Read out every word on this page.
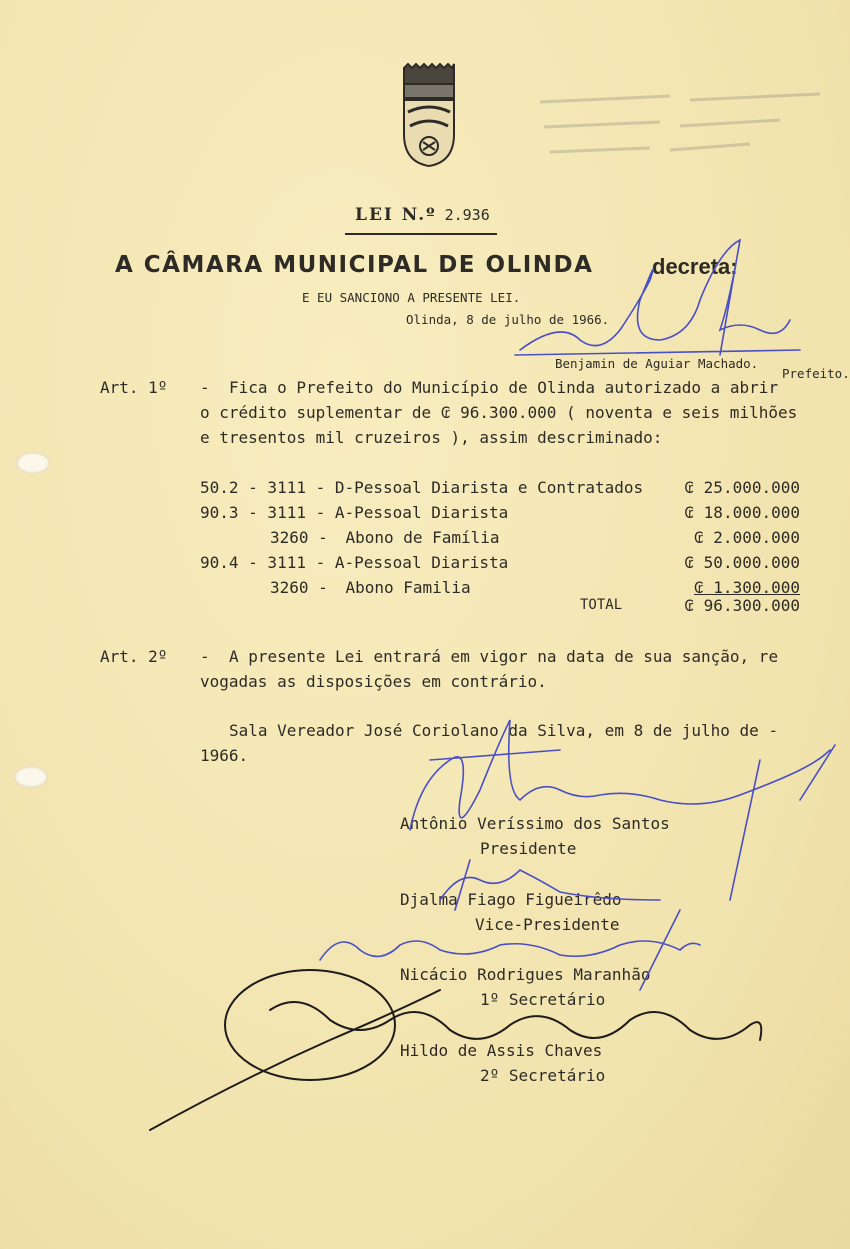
LEI N.º 2.936
A CÂMARA MUNICIPAL DE OLINDA	decreta:
E EU SANCIONO A PRESENTE LEI.
Olinda, 8 de julho de 1966.
Benjamin de Aguiar Machado.
Prefeito.
Art. 1º - Fica o Prefeito do Município de Olinda autorizado a abrir
o crédito suplementar de ₢ 96.300.000 ( noventa e seis milhões
e tresentos mil cruzeiros ), assim descriminado:
50.2 - 3111 - D-Pessoal Diarista e Contratados	₢ 25.000.000
90.3 - 3111 - A-Pessoal Diarista	₢ 18.000.000
3260 - Abono de Família	₢ 2.000.000
90.4 - 3111 - A-Pessoal Diarista	₢ 50.000.000
3260 - Abono Familia	₢ 1.300.000
TOTAL	₢ 96.300.000
Art. 2º - A presente Lei entrará em vigor na data de sua sanção, re
vogadas as disposições em contrário.
Sala Vereador José Coriolano da Silva, em 8 de julho de -
1966.
Antônio Veríssimo dos Santos
Presidente
Djalma Fiago Figueirêdo
Vice-Presidente
Nicácio Rodrigues Maranhão
1º Secretário
Hildo de Assis Chaves
2º Secretário
